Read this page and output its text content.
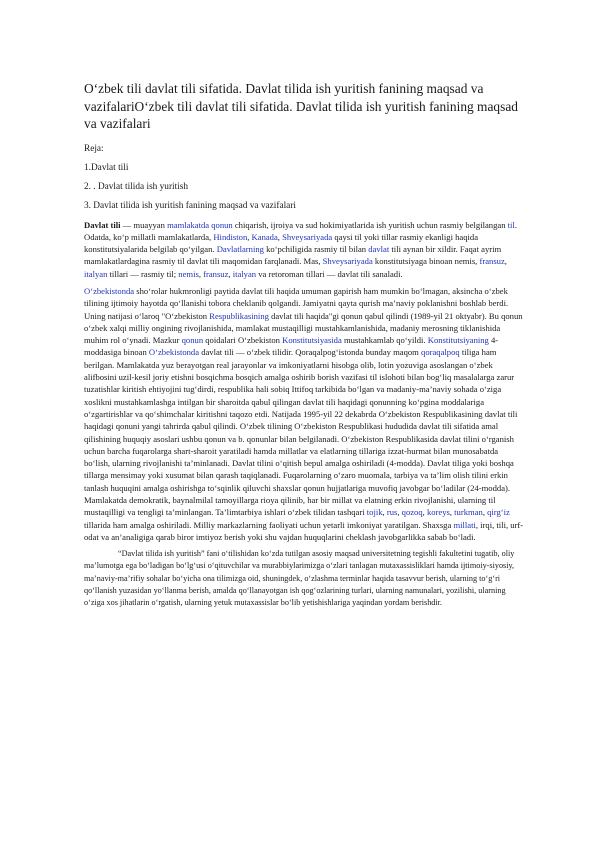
Oʻzbek tili davlat tili sifatida. Davlat tilida ish yuritish fanining maqsad va vazifalariOʻzbek tili davlat tili sifatida. Davlat tilida ish yuritish fanining maqsad va vazifalari

Reja:

1.Davlat tili

2. . Davlat tilida ish yuritish

3. Davlat tilida ish yuritish fanining maqsad va vazifalari

Davlat tili — muayyan mamlakatda qonun chiqarish, ijroiya va sud hokimiyatlarida ish yuritish uchun rasmiy belgilangan til. Odatda, koʻp millatli mamlakatlarda, Hindiston, Kanada, Shveysariyada qaysi til yoki tillar rasmiy ekanligi haqida konstitutsiyalarida belgilab qoʻyilgan. Davlatlarning koʻpchiligida rasmiy til bilan davlat tili aynan bir xildir. Faqat ayrim mamlakatlardagina rasmiy til davlat tili maqomidan farqlanadi. Mas, Shveysariyada konstitutsiyaga binoan nemis, fransuz, italyan tillari — rasmiy til; nemis, fransuz, italyan va retoroman tillari — davlat tili sanaladi.

Oʻzbekistonda shoʻrolar hukmronligi paytida davlat tili haqida umuman gapirish ham mumkin boʻlmagan, aksincha oʻzbek tilining ijtimoiy hayotda qoʻllanishi tobora cheklanib qolgandi. Jamiyatni qayta qurish maʼnaviy poklanishni boshlab berdi. Uning natijasi oʻlaroq "Oʻzbekiston Respublikasining davlat tili haqida"gi qonun qabul qilindi (1989-yil 21 oktyabr). Bu qonun oʻzbek xalqi milliy ongining rivojlanishida, mamlakat mustaqilligi mustahkamlanishida, madaniy merosning tiklanishida muhim rol oʻynadi. Mazkur qonun qoidalari Oʻzbekiston Konstitutsiyasida mustahkamlab qoʻyildi. Konstitutsiyaning 4-moddasiga binoan Oʻzbekistonda davlat tili — oʻzbek tilidir. Qoraqalpogʻistonda bunday maqom qoraqalpoq tiliga ham berilgan. Mamlakatda yuz berayotgan real jarayonlar va imkoniyatlarni hisobga olib, lotin yozuviga asoslangan oʻzbek alifbosini uzil-kesil joriy etishni bosqichma bosqich amalga oshirib borish vazifasi til islohoti bilan bogʻliq masalalarga zarur tuzatishlar kiritish ehtiyojini tugʻdirdi, respublika hali sobiq Ittifoq tarkibida boʻlgan va madaniy-maʼnaviy sohada oʻziga xoslikni mustahkamlashga intilgan bir sharoitda qabul qilingan davlat tili haqidagi qonunning koʻpgina moddalariga oʻzgartirishlar va qoʻshimchalar kiritishni taqozo etdi. Natijada 1995-yil 22 dekabrda Oʻzbekiston Respublikasining davlat tili haqidagi qonuni yangi tahrirda qabul qilindi. Oʻzbek tilining Oʻzbekiston Respublikasi hududida davlat tili sifatida amal qilishining huquqiy asoslari ushbu qonun va b. qonunlar bilan belgilanadi. Oʻzbekiston Respublikasida davlat tilini oʻrganish uchun barcha fuqarolarga shart-sharoit yaratiladi hamda millatlar va elatlarning tillariga izzat-hurmat bilan munosabatda boʻlish, ularning rivojlanishi taʼminlanadi. Davlat tilini oʻqitish bepul amalga oshiriladi (4-modda). Davlat tiliga yoki boshqa tillarga mensimay yoki xusumat bilan qarash taqiqlanadi. Fuqarolarning oʻzaro muomala, tarbiya va taʼlim olish tilini erkin tanlash huquqini amalga oshirishga toʻsqinlik qiluvchi shaxslar qonun hujjatlariga muvofiq javobgar boʻladilar (24-modda). Mamlakatda demokratik, baynalmilal tamoyillarga rioya qilinib, har bir millat va elatning erkin rivojlanishi, ularning til mustaqilligi va tengligi taʼminlangan. Taʼlimtarbiya ishlari oʻzbek tilidan tashqari tojik, rus, qozoq, koreys, turkman, qirgʻiz tillarida ham amalga oshiriladi. Milliy markazlarning faoliyati uchun yetarli imkoniyat yaratilgan. Shaxsga millati, irqi, tili, urf-odat va anʼanaligiga qarab biror imtiyoz berish yoki shu vajdan huquqlarini cheklash javobgarlikka sabab boʻladi.

“Davlat tilida ish yuritish” fani oʻtilishidan koʻzda tutilgan asosiy maqsad universitetning tegishli fakultetini tugatib, oliy maʼlumotga ega boʻladigan boʻlgʻusi oʻqituvchilar va murabbiylarimizga oʻzlari tanlagan mutaxassisliklari hamda ijtimoiy-siyosiy, maʼnaviy-maʼrifiy sohalar boʻyicha ona tilimizga oid, shuningdek, oʻzlashma terminlar haqida tasavvur berish, ularning toʻgʻri qoʻllanish yuzasidan yoʻllanma berish, amalda qoʻllanayotgan ish qogʻozlarining turlari, ularning namunalari, yozilishi, ularning oʻziga xos jihatlarin oʻrgatish, ularning yetuk mutaxassislar boʻlib yetishishlariga yaqindan yordam berishdir.
